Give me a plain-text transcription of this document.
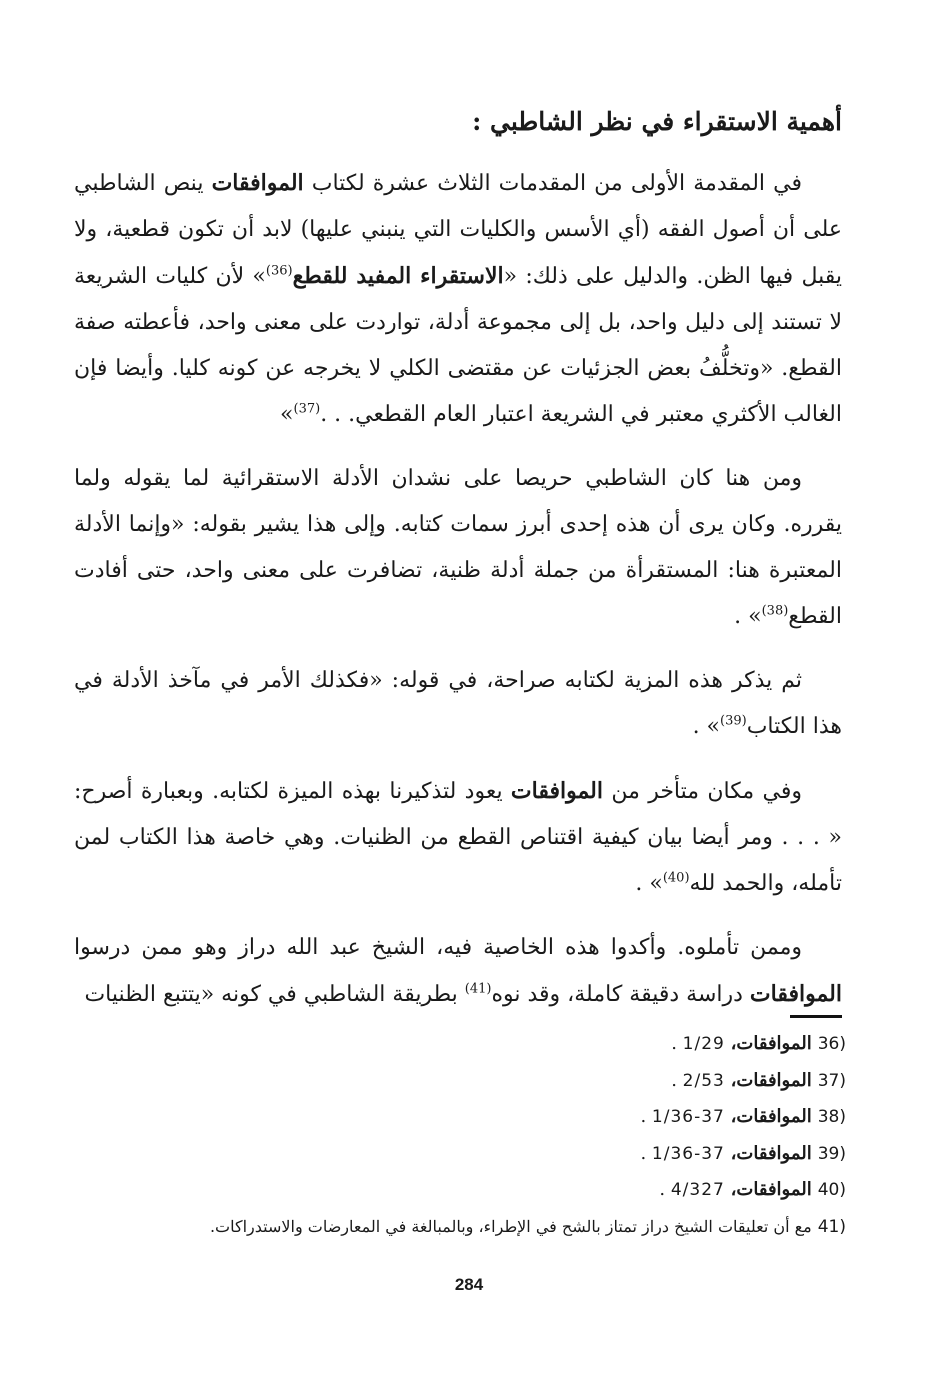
أهمية الاستقراء في نظر الشاطبي :

في المقدمة الأولى من المقدمات الثلاث عشرة لكتاب الموافقات ينص الشاطبي على أن أصول الفقه (أي الأسس والكليات التي ينبني عليها) لابد أن تكون قطعية، ولا يقبل فيها الظن. والدليل على ذلك: «الاستقراء المفيد للقطع$^{(36)}$» لأن كليات الشريعة لا تستند إلى دليل واحد، بل إلى مجموعة أدلة، تواردت على معنى واحد، فأعطته صفة القطع. «وتخلُّفُ بعض الجزئيات عن مقتضى الكلي لا يخرجه عن كونه كليا. وأيضا فإن الغالب الأكثري معتبر في الشريعة اعتبار العام القطعي. . .$^{(37)}$»

ومن هنا كان الشاطبي حريصا على نشدان الأدلة الاستقرائية لما يقوله ولما يقرره. وكان يرى أن هذه إحدى أبرز سمات كتابه. وإلى هذا يشير بقوله: «وإنما الأدلة المعتبرة هنا: المستقرأة من جملة أدلة ظنية، تضافرت على معنى واحد، حتى أفادت القطع$^{(38)}$» .

ثم يذكر هذه المزية لكتابه صراحة، في قوله: «فكذلك الأمر في مآخذ الأدلة في هذا الكتاب$^{(39)}$» .

وفي مكان متأخر من الموافقات يعود لتذكيرنا بهذه الميزة لكتابه. وبعبارة أصرح: « . . . ومر أيضا بيان كيفية اقتناص القطع من الظنيات. وهي خاصة هذا الكتاب لمن تأمله، والحمد لله$^{(40)}$» .

وممن تأملوه. وأكدوا هذه الخاصية فيه، الشيخ عبد الله دراز وهو ممن درسوا الموافقات دراسة دقيقة كاملة، وقد نوه$^{(41)}$ بطريقة الشاطبي في كونه «يتتبع الظنيات

36)الموافقات، 1/29 .
37)الموافقات، 2/53 .
38)الموافقات، 1/36-37 .
39)الموافقات، 1/36-37 .
40)الموافقات، 4/327 .
41)مع أن تعليقات الشيخ دراز تمتاز بالشح في الإطراء، وبالمبالغة في المعارضات والاستدراكات.
284
